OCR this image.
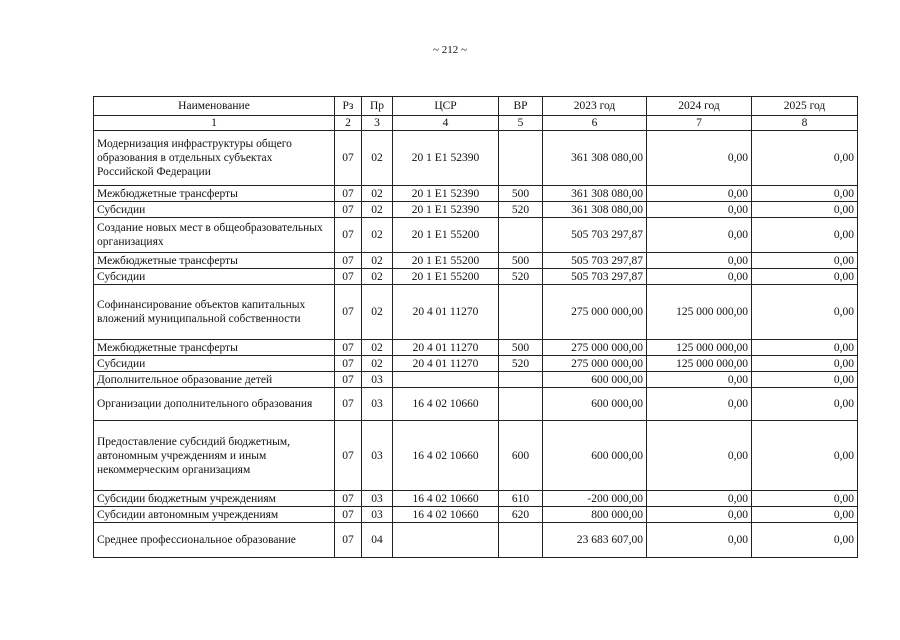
~ 212 ~
Наименование	Рз	Пр	ЦСР	ВР	2023 год	2024 год	2025 год
1	2	3	4	5	6	7	8
Модернизация инфраструктуры общего образования в отдельных субъектах Российской Федерации	07	02	20 1 E1 52390		361 308 080,00	0,00	0,00
Межбюджетные трансферты	07	02	20 1 E1 52390	500	361 308 080,00	0,00	0,00
Субсидии	07	02	20 1 E1 52390	520	361 308 080,00	0,00	0,00
Создание новых мест в общеобразовательных организациях	07	02	20 1 E1 55200		505 703 297,87	0,00	0,00
Межбюджетные трансферты	07	02	20 1 E1 55200	500	505 703 297,87	0,00	0,00
Субсидии	07	02	20 1 E1 55200	520	505 703 297,87	0,00	0,00
Софинансирование объектов капитальных вложений муниципальной собственности	07	02	20 4 01 11270		275 000 000,00	125 000 000,00	0,00
Межбюджетные трансферты	07	02	20 4 01 11270	500	275 000 000,00	125 000 000,00	0,00
Субсидии	07	02	20 4 01 11270	520	275 000 000,00	125 000 000,00	0,00
Дополнительное образование детей	07	03			600 000,00	0,00	0,00
Организации дополнительного образования	07	03	16 4 02 10660		600 000,00	0,00	0,00
Предоставление субсидий бюджетным, автономным учреждениям и иным некоммерческим организациям	07	03	16 4 02 10660	600	600 000,00	0,00	0,00
Субсидии бюджетным учреждениям	07	03	16 4 02 10660	610	-200 000,00	0,00	0,00
Субсидии автономным учреждениям	07	03	16 4 02 10660	620	800 000,00	0,00	0,00
Среднее профессиональное образование	07	04			23 683 607,00	0,00	0,00
